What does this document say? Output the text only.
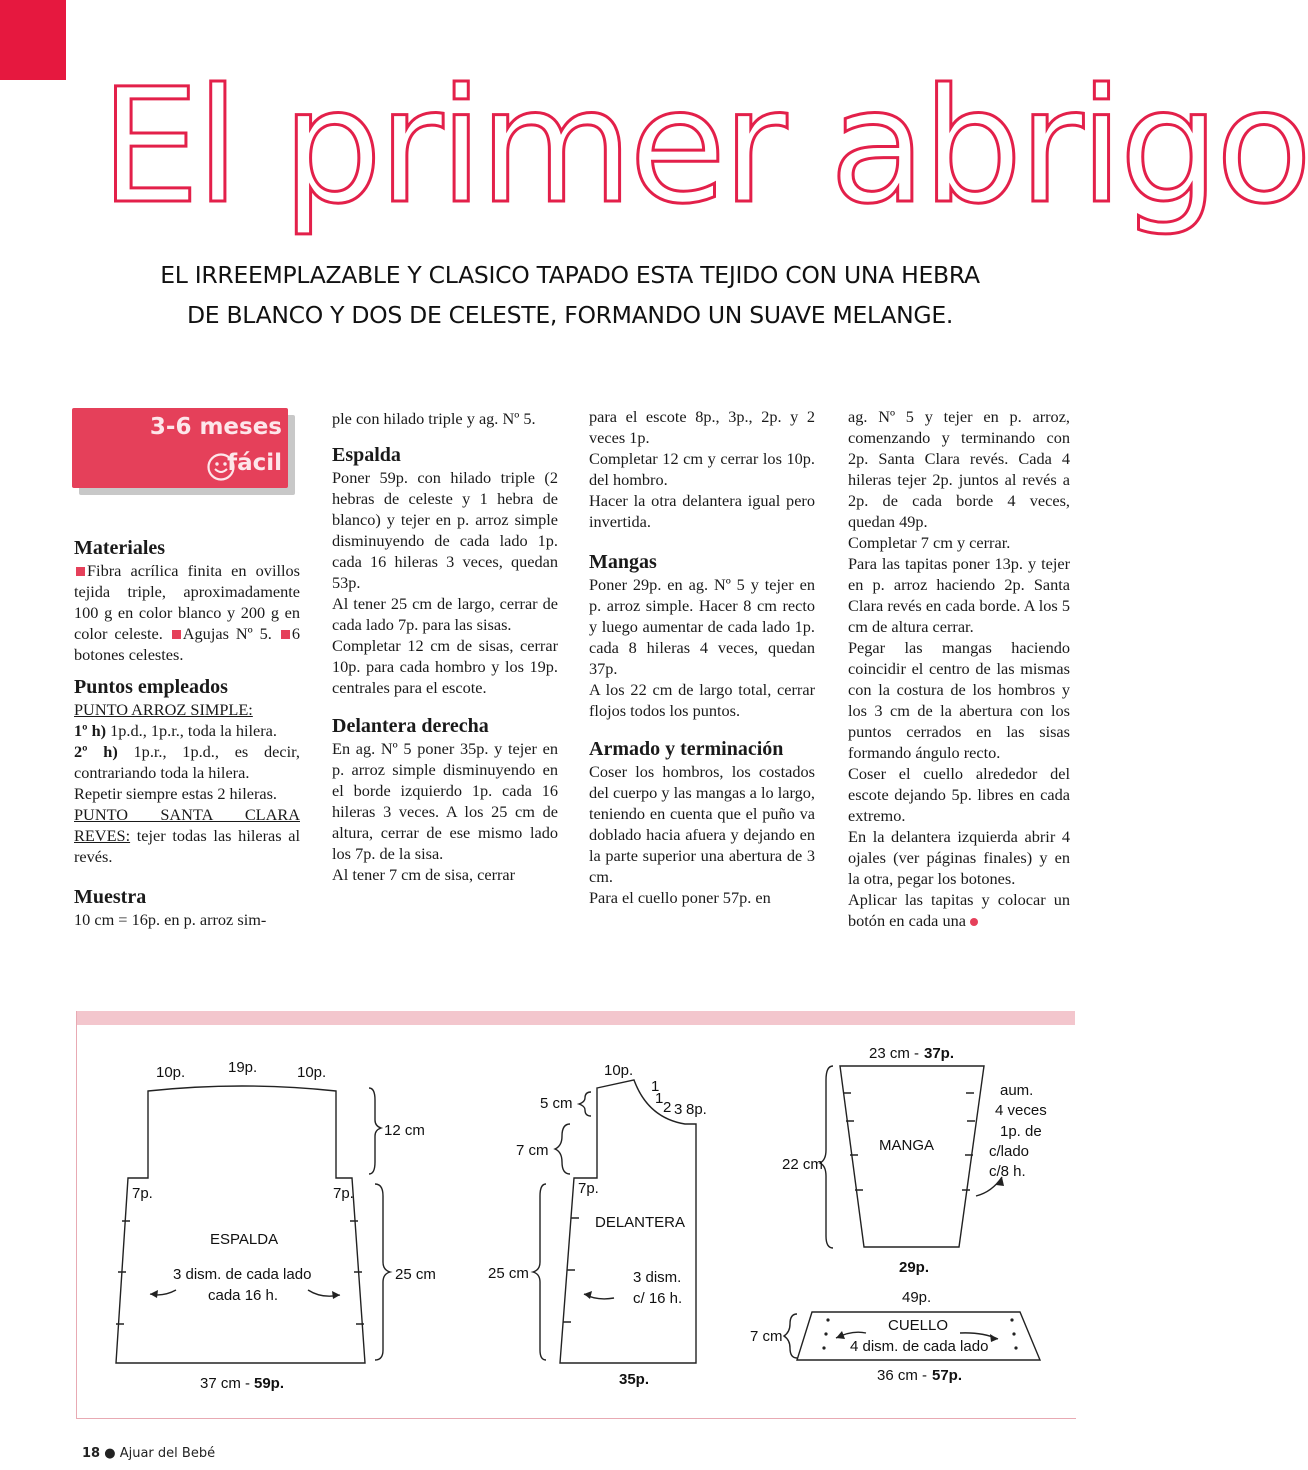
El primer abrigo
EL IRREEMPLAZABLE Y CLASICO TAPADO ESTA TEJIDO CON UNA HEBRA
DE BLANCO Y DOS DE CELESTE, FORMANDO UN SUAVE MELANGE.
3-6 meses
fácil
Materiales

Fibra acrílica finita en ovillos tejida triple, aproximadamente 100 g en color blanco y 200 g en color celeste. Agujas Nº 5. 6 botones celestes.

Puntos empleados

PUNTO ARROZ SIMPLE:

1º h) 1p.d., 1p.r., toda la hilera.

2º h) 1p.r., 1p.d., es decir, contrariando toda la hilera.

Repetir siempre estas 2 hileras.

PUNTO SANTA CLARA REVES: tejer todas las hileras al revés.

Muestra

10 cm = 16p. en p. arroz sim-

ple con hilado triple y ag. Nº 5.

Espalda

Poner 59p. con hilado triple (2 hebras de celeste y 1 hebra de blanco) y tejer en p. arroz simple disminuyendo de cada lado 1p. cada 16 hileras 3 veces, quedan 53p.

Al tener 25 cm de largo, cerrar de cada lado 7p. para las sisas.

Completar 12 cm de sisas, cerrar 10p. para cada hombro y los 19p. centrales para el escote.

Delantera derecha

En ag. Nº 5 poner 35p. y tejer en p. arroz simple disminuyendo en el borde izquierdo 1p. cada 16 hileras 3 veces. A los 25 cm de altura, cerrar de ese mismo lado los 7p. de la sisa.

Al tener 7 cm de sisa, cerrar

para el escote 8p., 3p., 2p. y 2 veces 1p.

Completar 12 cm y cerrar los 10p. del hombro.

Hacer la otra delantera igual pero invertida.

Mangas

Poner 29p. en ag. Nº 5 y tejer en p. arroz simple. Hacer 8 cm recto y luego aumentar de cada lado 1p. cada 8 hileras 4 veces, quedan 37p.

A los 22 cm de largo total, cerrar flojos todos los puntos.

Armado y terminación

Coser los hombros, los costados del cuerpo y las mangas a lo largo, teniendo en cuenta que el puño va doblado hacia afuera y dejando en la parte superior una abertura de 3 cm.

Para el cuello poner 57p. en

ag. Nº 5 y tejer en p. arroz, comenzando y terminando con 2p. Santa Clara revés. Cada 4 hileras tejer 2p. juntos al revés a 2p. de cada borde 4 veces, quedan 49p.

Completar 7 cm y cerrar.

Para las tapitas poner 13p. y tejer en p. arroz haciendo 2p. Santa Clara revés en cada borde. A los 5 cm de altura cerrar.

Pegar las mangas haciendo coincidir el centro de las mismas con la costura de los hombros y los 3 cm de la abertura con los puntos cerrados en las sisas formando ángulo recto.

Coser el cuello alrededor del escote dejando 5p. libres en cada extremo.

En la delantera izquierda abrir 4 ojales (ver páginas finales) y en la otra, pegar los botones.

Aplicar las tapitas y colocar un botón en cada una

10p.	19p.	10p.
7p.	7p.
ESPALDA
3 dism. de cada lado
cada 16 h.
12 cm
25 cm
37 cm - 59p.
10p.
1
1
2 3 8p.
5 cm
7 cm
7p.
DELANTERA
25 cm	3 dism.
c/ 16 h.
35p.
23 cm - 37p.
MANGA
22 cm
aum.
4 veces
1p. de
c/lado
c/8 h.
29p.
49p.
CUELLO
4 dism. de cada lado
7 cm
36 cm - 57p.
18 ● Ajuar del Bebé
